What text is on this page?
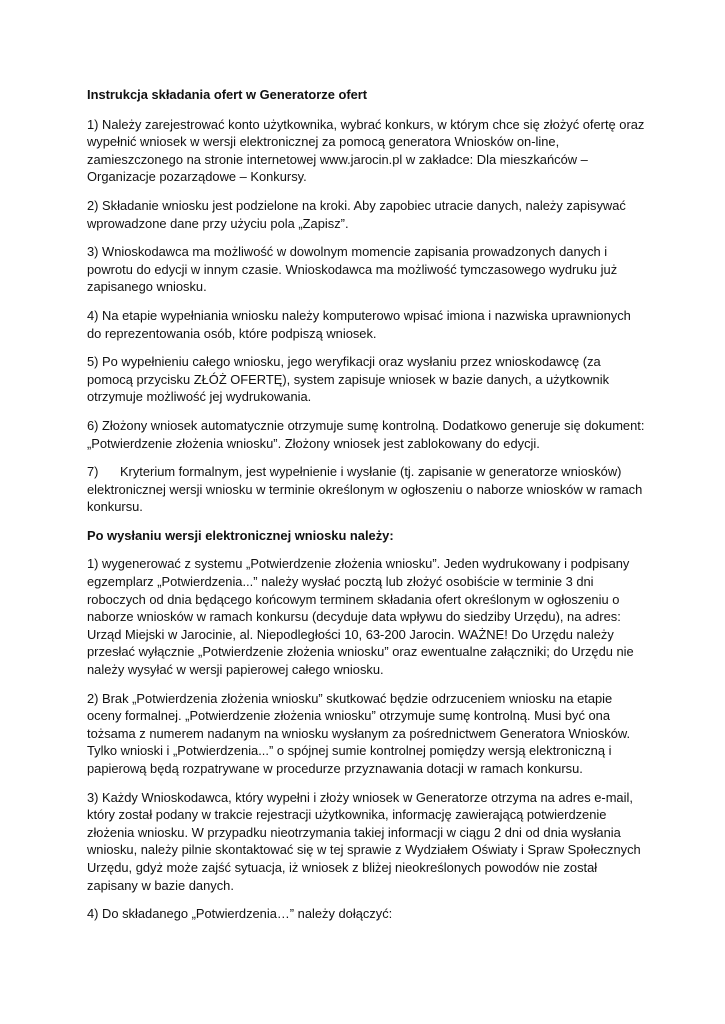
Instrukcja składania ofert w Generatorze ofert

1) Należy zarejestrować konto użytkownika, wybrać konkurs, w którym chce się złożyć ofertę oraz wypełnić wniosek w wersji elektronicznej za pomocą generatora Wniosków on-line, zamieszczonego na stronie internetowej www.jarocin.pl w zakładce: Dla mieszkańców – Organizacje pozarządowe – Konkursy.

2) Składanie wniosku jest podzielone na kroki. Aby zapobiec utracie danych, należy zapisywać wprowadzone dane przy użyciu pola „Zapisz”.

3) Wnioskodawca ma możliwość w dowolnym momencie zapisania prowadzonych danych i powrotu do edycji w innym czasie. Wnioskodawca ma możliwość tymczasowego wydruku już zapisanego wniosku.

4) Na etapie wypełniania wniosku należy komputerowo wpisać imiona i nazwiska uprawnionych do reprezentowania osób, które podpiszą wniosek.

5) Po wypełnieniu całego wniosku, jego weryfikacji oraz wysłaniu przez wnioskodawcę (za pomocą przycisku ZŁÓŻ OFERTĘ), system zapisuje wniosek w bazie danych, a użytkownik otrzymuje możliwość jej wydrukowania.

6) Złożony wniosek automatycznie otrzymuje sumę kontrolną. Dodatkowo generuje się dokument: „Potwierdzenie złożenia wniosku”. Złożony wniosek jest zablokowany do edycji.

7)      Kryterium formalnym, jest wypełnienie i wysłanie (tj. zapisanie w generatorze wniosków) elektronicznej wersji wniosku w terminie określonym w ogłoszeniu o naborze wniosków w ramach konkursu.

Po wysłaniu wersji elektronicznej wniosku należy:

1) wygenerować z systemu „Potwierdzenie złożenia wniosku”. Jeden wydrukowany i podpisany egzemplarz „Potwierdzenia...” należy wysłać pocztą lub złożyć osobiście w terminie 3 dni roboczych od dnia będącego końcowym terminem składania ofert określonym w ogłoszeniu o naborze wniosków w ramach konkursu (decyduje data wpływu do siedziby Urzędu), na adres: Urząd Miejski w Jarocinie, al. Niepodległości 10, 63-200 Jarocin. WAŻNE! Do Urzędu należy przesłać wyłącznie „Potwierdzenie złożenia wniosku” oraz ewentualne załączniki; do Urzędu nie należy wysyłać w wersji papierowej całego wniosku.

2) Brak „Potwierdzenia złożenia wniosku” skutkować będzie odrzuceniem wniosku na etapie oceny formalnej. „Potwierdzenie złożenia wniosku” otrzymuje sumę kontrolną. Musi być ona tożsama z numerem nadanym na wniosku wysłanym za pośrednictwem Generatora Wniosków. Tylko wnioski i „Potwierdzenia...” o spójnej sumie kontrolnej pomiędzy wersją elektroniczną i papierową będą rozpatrywane w procedurze przyznawania dotacji w ramach konkursu.

3) Każdy Wnioskodawca, który wypełni i złoży wniosek w Generatorze otrzyma na adres e-mail, który został podany w trakcie rejestracji użytkownika, informację zawierającą potwierdzenie złożenia wniosku. W przypadku nieotrzymania takiej informacji w ciągu 2 dni od dnia wysłania wniosku, należy pilnie skontaktować się w tej sprawie z Wydziałem Oświaty i Spraw Społecznych Urzędu, gdyż może zajść sytuacja, iż wniosek z bliżej nieokreślonych powodów nie został zapisany w bazie danych.

4) Do składanego „Potwierdzenia…” należy dołączyć:
